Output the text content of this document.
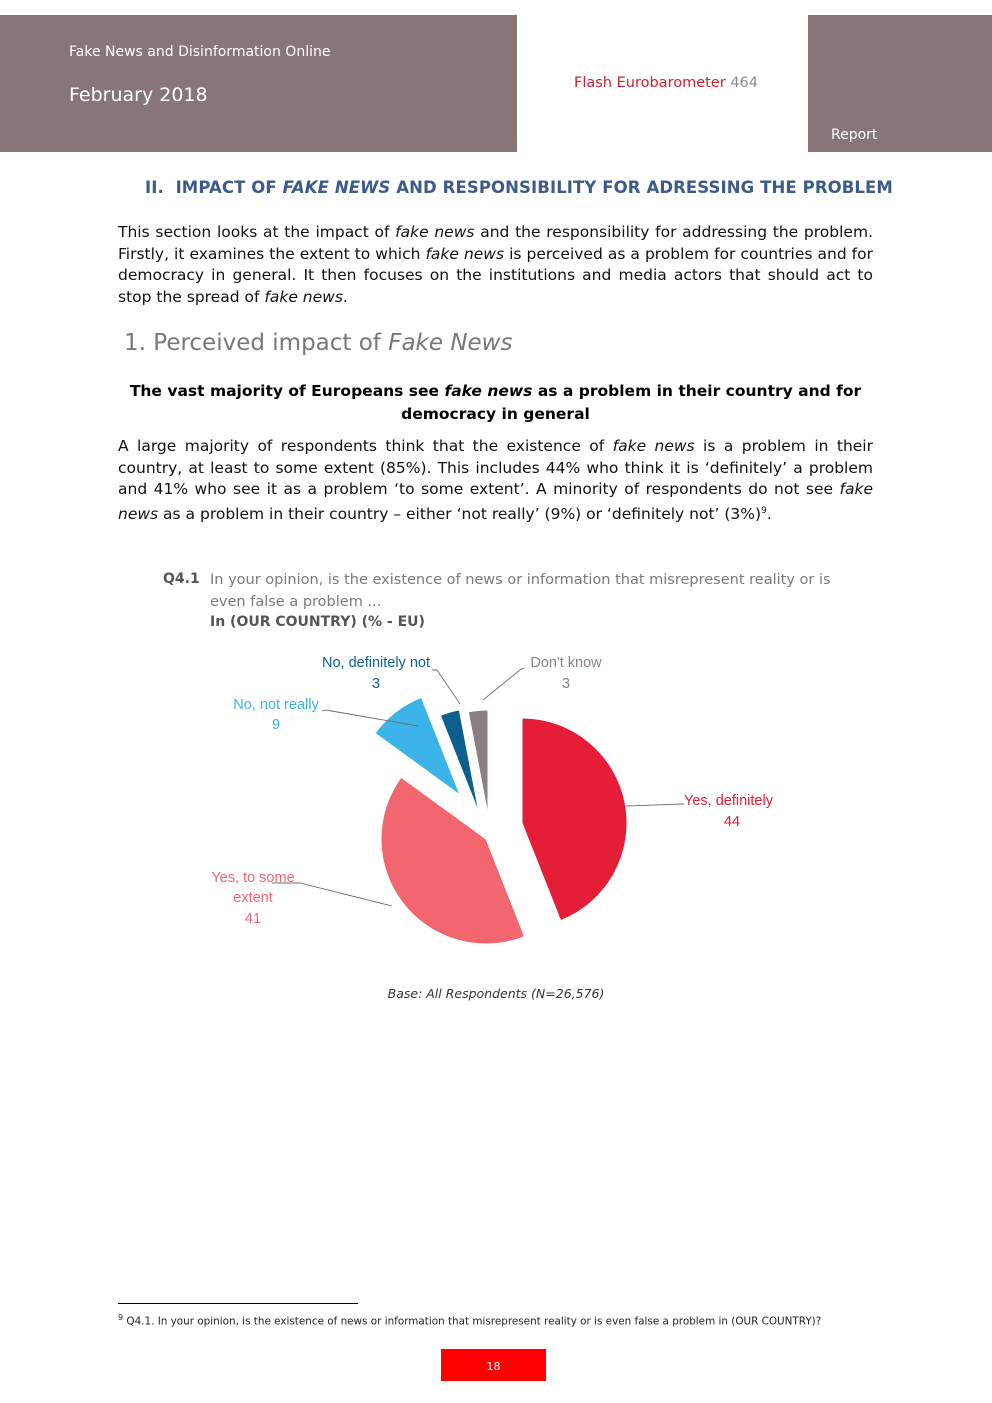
Fake News and Disinformation Online
February 2018
Flash Eurobarometer 464
Report
II. IMPACT OF FAKE NEWS AND RESPONSIBILITY FOR ADRESSING THE PROBLEM
This section looks at the impact of fake news and the responsibility for addressing the problem. Firstly, it examines the extent to which fake news is perceived as a problem for countries and for democracy in general. It then focuses on the institutions and media actors that should act to stop the spread of fake news.
1. Perceived impact of Fake News
The vast majority of Europeans see fake news as a problem in their country and for democracy in general
A large majority of respondents think that the existence of fake news is a problem in their country, at least to some extent (85%). This includes 44% who think it is ‘definitely’ a problem and 41% who see it as a problem ‘to some extent’. A minority of respondents do not see fake news as a problem in their country – either ‘not really’ (9%) or ‘definitely not’ $(3\%)^9$.
Q4.1 In your opinion, is the existence of news or information that misrepresent reality or is even false a problem ...
In (OUR COUNTRY) (% - EU)
Yes, definitely
44
Yes, to some
extent
41
No, not really
9
No, definitely not
3
Don't know
3
Base: All Respondents (N=26,576)
$^9$ Q4.1. In your opinion, is the existence of news or information that misrepresent reality or is even false a problem in (OUR COUNTRY)?
18
